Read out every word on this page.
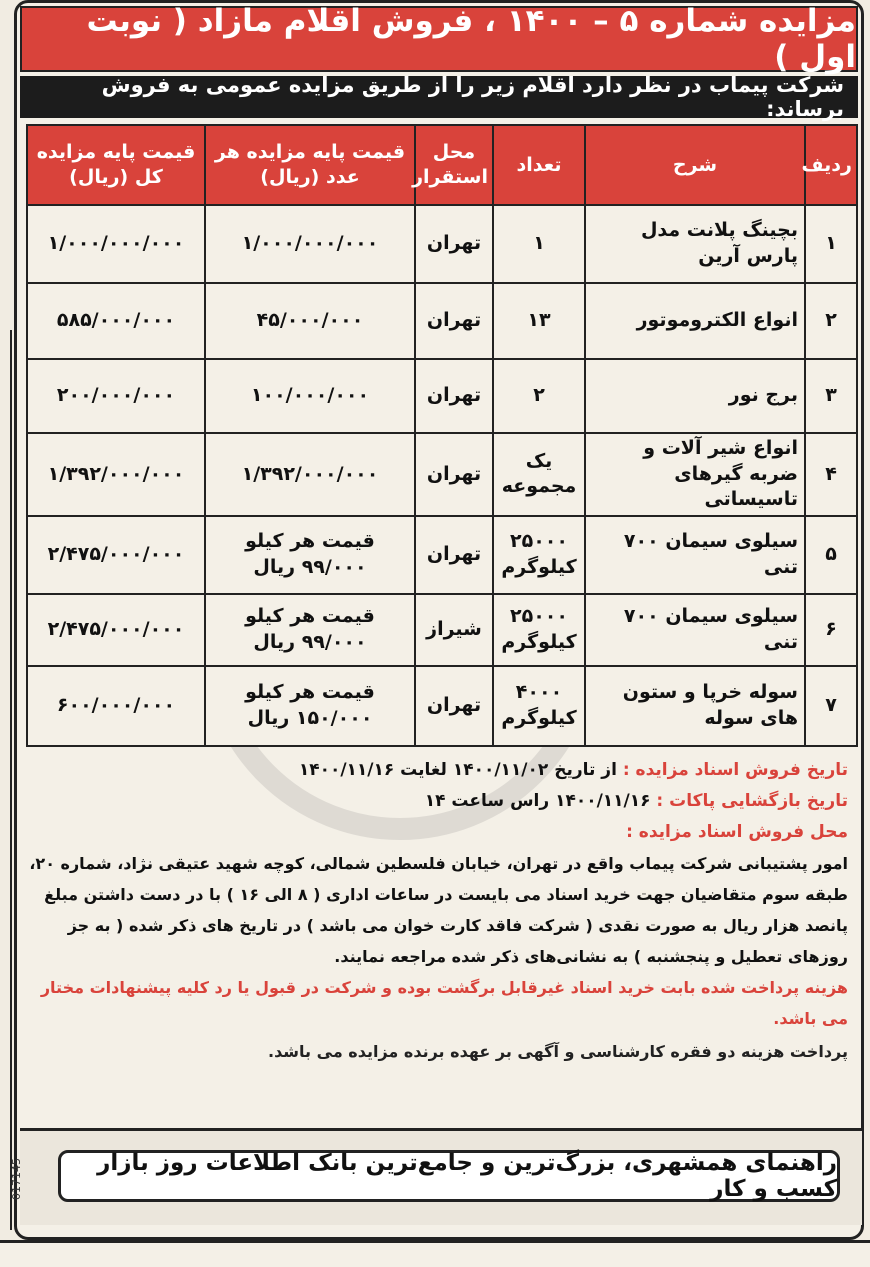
مزایده شماره ۵ – ۱۴۰۰ ، فروش اقلام مازاد ( نوبت اول )
شرکت پیماب در نظر دارد اقلام زیر را از طریق مزایده عمومی به فروش برساند:
ردیف	شرح	تعداد	محل استقرار	قیمت پایه مزایده هر عدد (ریال)	قیمت پایه مزایده کل (ریال)
۱	بچینگ پلانت مدل پارس آرین	۱	تهران	۱/۰۰۰/۰۰۰/۰۰۰	۱/۰۰۰/۰۰۰/۰۰۰
۲	انواع الکتروموتور	۱۳	تهران	۴۵/۰۰۰/۰۰۰	۵۸۵/۰۰۰/۰۰۰
۳	برج نور	۲	تهران	۱۰۰/۰۰۰/۰۰۰	۲۰۰/۰۰۰/۰۰۰
۴	انواع شیر آلات و ضربه گیرهای تاسیساتی	یک مجموعه	تهران	۱/۳۹۲/۰۰۰/۰۰۰	۱/۳۹۲/۰۰۰/۰۰۰
۵	سیلوی سیمان ۷۰۰ تنی	۲۵۰۰۰ کیلوگرم	تهران	قیمت هر کیلو ۹۹/۰۰۰ ریال	۲/۴۷۵/۰۰۰/۰۰۰
۶	سیلوی سیمان ۷۰۰ تنی	۲۵۰۰۰ کیلوگرم	شیراز	قیمت هر کیلو ۹۹/۰۰۰ ریال	۲/۴۷۵/۰۰۰/۰۰۰
۷	سوله خرپا و ستون های سوله	۴۰۰۰ کیلوگرم	تهران	قیمت هر کیلو ۱۵۰/۰۰۰ ریال	۶۰۰/۰۰۰/۰۰۰

تاریخ فروش اسناد مزایده : از تاریخ ۱۴۰۰/۱۱/۰۲ لغایت ۱۴۰۰/۱۱/۱۶

تاریخ بازگشایی پاکات : ۱۴۰۰/۱۱/۱۶ راس ساعت ۱۴

محل فروش اسناد مزایده :

امور پشتیبانی شرکت پیماب واقع در تهران، خیابان فلسطین شمالی، کوچه شهید عتیقی نژاد، شماره ۲۰، طبقه سوم متقاضیان جهت خرید اسناد می بایست در ساعات اداری ( ۸ الی ۱۶ ) با در دست داشتن مبلغ پانصد هزار ریال به صورت نقدی ( شرکت فاقد کارت خوان می باشد ) در تاریخ های ذکر شده ( به جز روزهای تعطیل و پنجشنبه ) به نشانی‌های ذکر شده مراجعه نمایند.

هزینه پرداخت شده بابت خرید اسناد غیرقابل برگشت بوده و شرکت در قبول یا رد کلیه پیشنهادات مختار می باشد.

پرداخت هزینه دو فقره کارشناسی و آگهی بر عهده برنده مزایده می باشد.

017145	راهنمای همشهری، بزرگ‌ترین و جامع‌ترین بانک اطلاعات روز بازار کسب و کار
